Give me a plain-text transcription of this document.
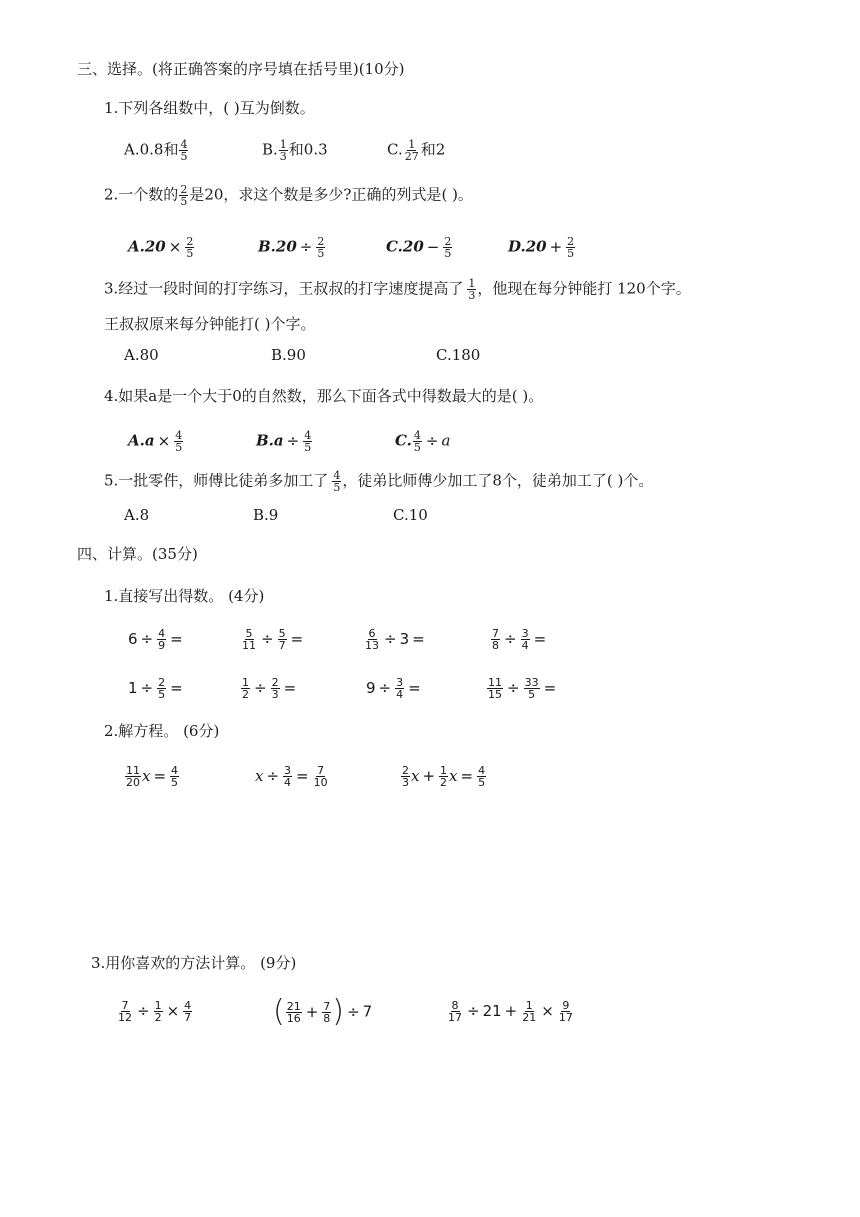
三、选择。(将正确答案的序号填在括号里)(10分)
1.下列各组数中，( )互为倒数。
A.0.8和 $\frac{4}{5}$	B. $\frac{1}{3}$ 和0.3	C. $\frac{1}{27}$ 和2
2.一个数的 $\frac{2}{5}$ 是20，求这个数是多少?正确的列式是( )。
$A.20 \times \frac{2}{5}$	$B.20 \div \frac{2}{5}$	$C.20 - \frac{2}{5}$	$D.20 + \frac{2}{5}$
3.经过一段时间的打字练习，王叔叔的打字速度提高了 $\frac{1}{3}$ ，他现在每分钟能打 120个字。
王叔叔原来每分钟能打( )个字。
A.80	B.90	C.180
4.如果a是一个大于0的自然数，那么下面各式中得数最大的是( )。
$A.a \times \frac{4}{5}$	$B.a \div \frac{4}{5}$	C. $\frac{4}{5} \div a$
5.一批零件，师傅比徒弟多加工了 $\frac{4}{5}$ ，徒弟比师傅少加工了8个，徒弟加工了( )个。
A.8	B.9	C.10
四、计算。(35分)
1.直接写出得数。 (4分)
$6 \div \frac{4}{9}$ =	$\frac{5}{11} \div \frac{5}{7}$ =	$\frac{6}{13} \div 3$ =	$\frac{7}{8} \div \frac{3}{4}$ =
$1 \div \frac{2}{5}$ =	$\frac{1}{2} \div \frac{2}{3}$ =	$9 \div \frac{3}{4}$ =	$\frac{11}{15} \div \frac{33}{5}$ =
2.解方程。 (6分)
$\frac{11}{20}$ $x = \frac{4}{5}$	$x \div \frac{3}{4} = \frac{7}{10}$	$\frac{2}{3}$ $x + \frac{1}{2}$ $x = \frac{4}{5}$
3.用你喜欢的方法计算。 (9分)
$\frac{7}{12} \div \frac{1}{2} \times \frac{4}{7}$	( $\frac{21}{16} + \frac{7}{8}$ ) ÷ 7	$\frac{8}{17} \div 21 + \frac{1}{21} \times \frac{9}{17}$
